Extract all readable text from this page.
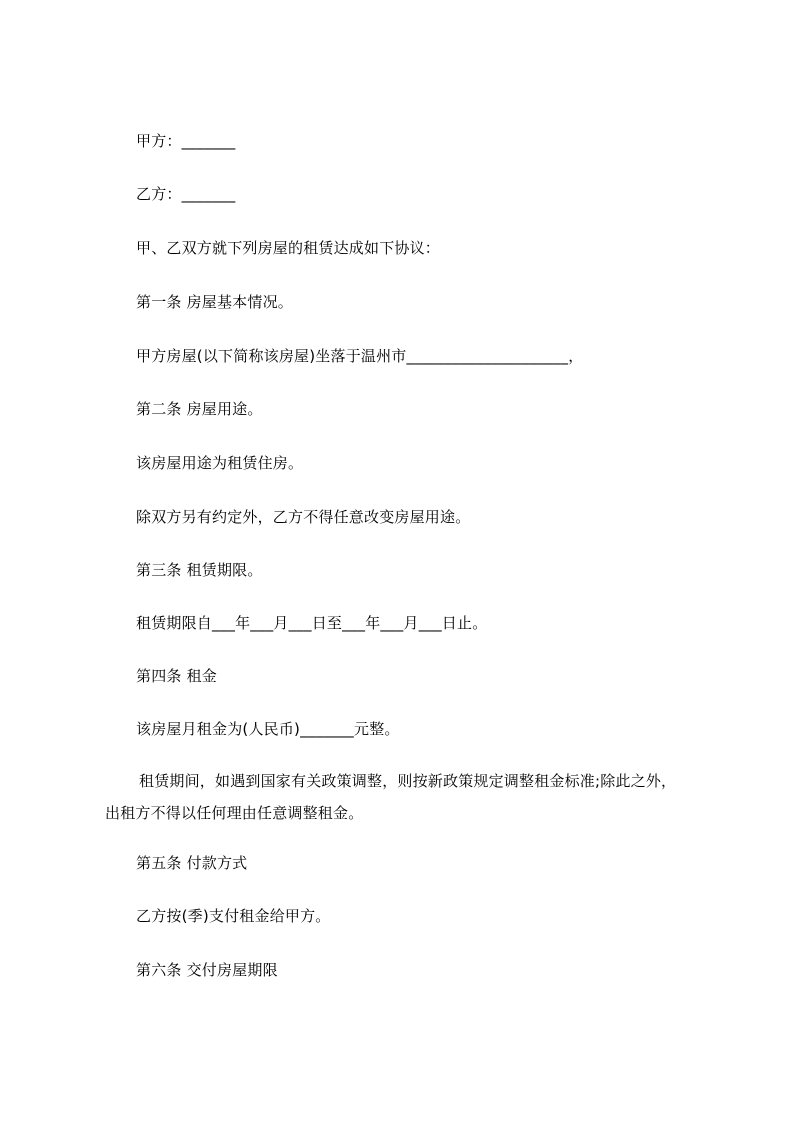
甲方：_______
乙方：_______
甲、乙双方就下列房屋的租赁达成如下协议：
第一条 房屋基本情况。
甲方房屋(以下简称该房屋)坐落于温州市_____________________，
第二条 房屋用途。
该房屋用途为租赁住房。
除双方另有约定外，乙方不得任意改变房屋用途。
第三条 租赁期限。
租赁期限自___年___月___日至___年___月___日止。
第四条 租金
该房屋月租金为(人民币)_______元整。
租赁期间，如遇到国家有关政策调整，则按新政策规定调整租金标准;除此之外，
出租方不得以任何理由任意调整租金。
第五条 付款方式
乙方按(季)支付租金给甲方。
第六条 交付房屋期限
